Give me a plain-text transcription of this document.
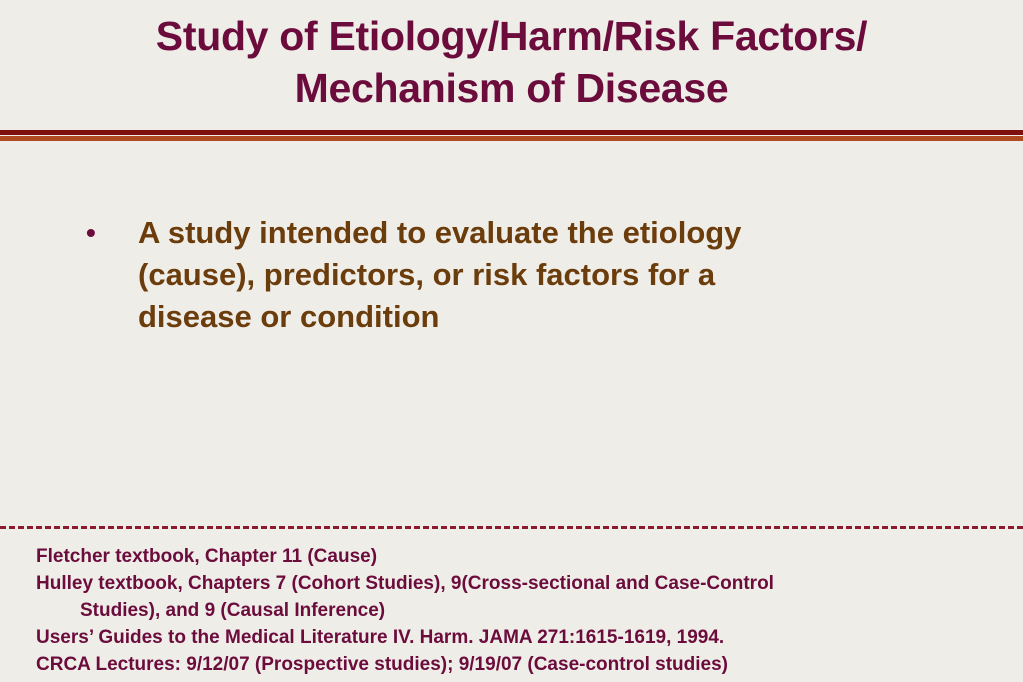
Study of Etiology/Harm/Risk Factors/
Mechanism of Disease
• A study intended to evaluate the etiology
(cause), predictors, or risk factors for a
disease or condition
Fletcher textbook, Chapter 11 (Cause)
Hulley textbook, Chapters 7 (Cohort Studies), 9(Cross-sectional and Case-Control
Studies), and 9 (Causal Inference)
Users’ Guides to the Medical Literature IV. Harm. JAMA 271:1615-1619, 1994.
CRCA Lectures: 9/12/07 (Prospective studies); 9/19/07 (Case-control studies)
